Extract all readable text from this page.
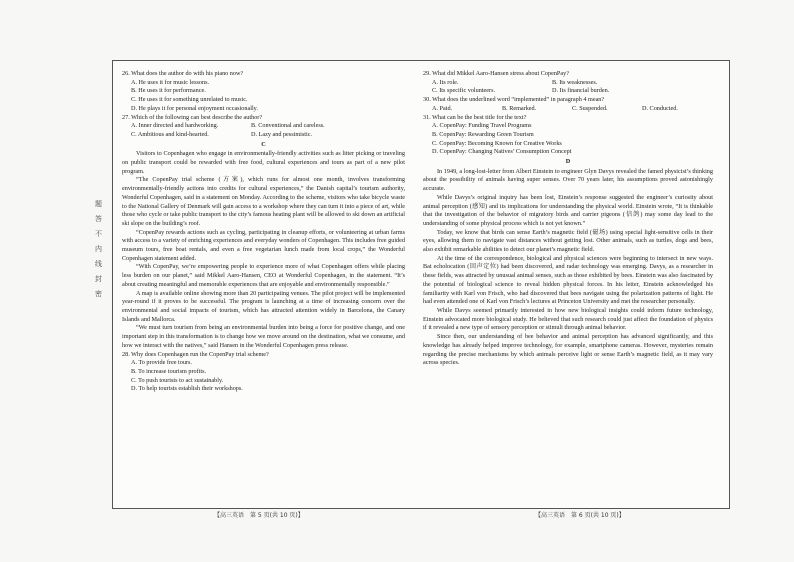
题
答
不
内
线
封
密

26. What does the author do with his piano now?

A. He uses it for music lessons.

B. He uses it for performance.

C. He uses it for something unrelated to music.

D. He plays it for personal enjoyment occasionally.

27. Which of the following can best describe the author?

A. Inner directed and hardworking.	B. Conventional and careless.
C. Ambitious and kind-hearted.	D. Lazy and pessimistic.

C

Visitors to Copenhagen who engage in environmentally-friendly activities such as litter picking or traveling on public transport could be rewarded with free food, cultural experiences and tours as part of a new pilot program.

“The CopenPay trial scheme (方案), which runs for almost one month, involves transforming environmentally-friendly actions into credits for cultural experiences,” the Danish capital’s tourism authority, Wonderful Copenhagen, said in a statement on Monday. According to the scheme, visitors who take bicycle waste to the National Gallery of Denmark will gain access to a workshop where they can turn it into a piece of art, while those who cycle or take public transport to the city’s famous heating plant will be allowed to ski down an artificial ski slope on the building’s roof.

“CopenPay rewards actions such as cycling, participating in cleanup efforts, or volunteering at urban farms with access to a variety of enriching experiences and everyday wonders of Copenhagen. This includes free guided museum tours, free boat rentals, and even a free vegetarian lunch made from local crops,” the Wonderful Copenhagen statement added.

“With CopenPay, we’re empowering people to experience more of what Copenhagen offers while placing less burden on our planet,” said Mikkel Aaro-Hansen, CEO at Wonderful Copenhagen, in the statement. “It’s about creating meaningful and memorable experiences that are enjoyable and environmentally responsible.”

A map is available online showing more than 20 participating venues. The pilot project will be implemented year-round if it proves to be successful. The program is launching at a time of increasing concern over the environmental and social impacts of tourism, which has attracted attention widely in Barcelona, the Canary Islands and Mallorca.

“We must turn tourism from being an environmental burden into being a force for positive change, and one important step in this transformation is to change how we move around on the destination, what we consume, and how we interact with the natives,” said Hansen in the Wonderful Copenhagen press release.

28. Why does Copenhagen run the CopenPay trial scheme?

A. To provide free tours.

B. To increase tourism profits.

C. To push tourists to act sustainably.

D. To help tourists establish their workshops.

29. What did Mikkel Aaro-Hansen stress about CopenPay?

A. Its role.	B. Its weaknesses.
C. Its specific volunteers.	D. Its financial burden.

30. What does the underlined word “implemented” in paragraph 4 mean?

A. Paid.	B. Remarked.	C. Suspended.	D. Conducted.

31. What can be the best title for the text?

A. CopenPay: Funding Travel Programs

B. CopenPay: Rewarding Green Tourism

C. CopenPay: Becoming Known for Creative Works

D. CopenPay: Changing Natives’ Consumption Concept

D

In 1949, a long-lost-letter from Albert Einstein to engineer Glyn Davys revealed the famed physicist’s thinking about the possibility of animals having super senses. Over 70 years later, his assumptions proved astonishingly accurate.

While Davys’s original inquiry has been lost, Einstein’s response suggested the engineer’s curiosity about animal perception (感知) and its implications for understanding the physical world. Einstein wrote, “It is thinkable that the investigation of the behavior of migratory birds and carrier pigeons (信鸽) may some day lead to the understanding of some physical process which is not yet known.”

Today, we know that birds can sense Earth’s magnetic field (磁场) using special light-sensitive cells in their eyes, allowing them to navigate vast distances without getting lost. Other animals, such as turtles, dogs and bees, also exhibit remarkable abilities to detect our planet’s magnetic field.

At the time of the correspondence, biological and physical sciences were beginning to intersect in new ways. Bat echolocation (回声定位) had been discovered, and radar technology was emerging. Davys, as a researcher in these fields, was attracted by unusual animal senses, such as those exhibited by bees. Einstein was also fascinated by the potential of biological science to reveal hidden physical forces. In his letter, Einstein acknowledged his familiarity with Karl von Frisch, who had discovered that bees navigate using the polarization patterns of light. He had even attended one of Karl von Frisch’s lectures at Princeton University and met the researcher personally.

While Davys seemed primarily interested in how new biological insights could inform future technology, Einstein advocated more biological study. He believed that such research could just affect the foundation of physics if it revealed a new type of sensory perception or stimuli through animal behavior.

Since then, our understanding of bee behavior and animal perception has advanced significantly, and this knowledge has already helped improve technology, for example, smartphone cameras. However, mysteries remain regarding the precise mechanisms by which animals perceive light or sense Earth’s magnetic field, as it may vary across species.

【高三英语　第 5 页(共 10 页)】	【高三英语　第 6 页(共 10 页)】
